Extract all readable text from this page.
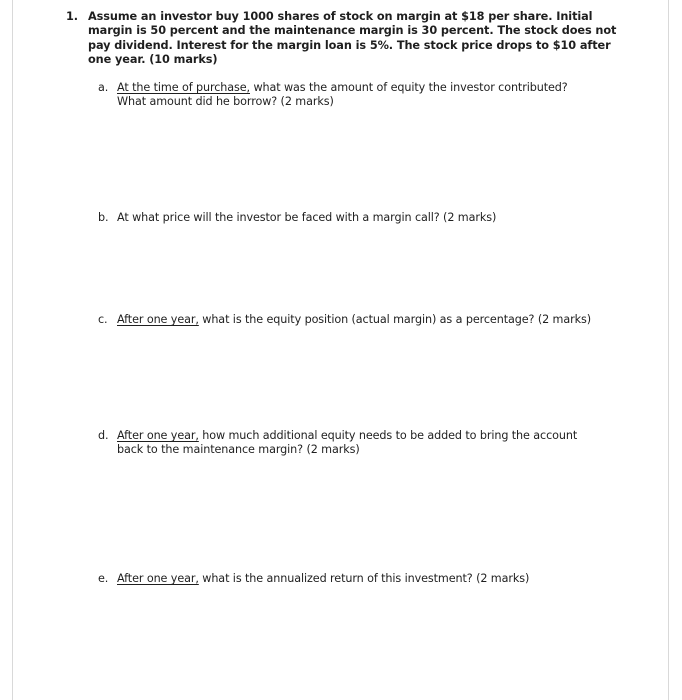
1. Assume an investor buy 1000 shares of stock on margin at $18 per share. Initial margin is 50 percent and the maintenance margin is 30 percent. The stock does not pay dividend. Interest for the margin loan is 5%. The stock price drops to $10 after one year. (10 marks)
a. At the time of purchase, what was the amount of equity the investor contributed? What amount did he borrow? (2 marks)
b. At what price will the investor be faced with a margin call? (2 marks)
c. After one year, what is the equity position (actual margin) as a percentage? (2 marks)
d. After one year, how much additional equity needs to be added to bring the account back to the maintenance margin? (2 marks)
e. After one year, what is the annualized return of this investment? (2 marks)
